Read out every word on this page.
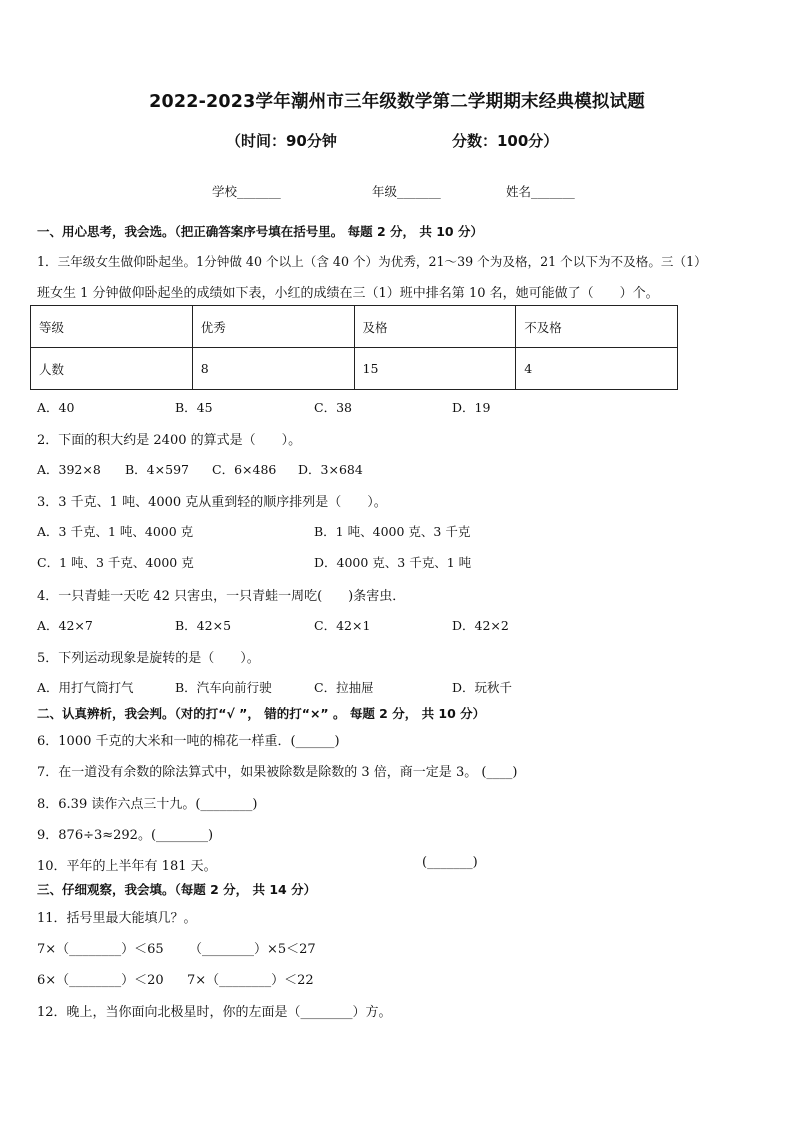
2022-2023学年潮州市三年级数学第二学期期末经典模拟试题
（时间：90分钟	分数：100分）
学校_______	年级_______	姓名_______
一、用心思考，我会选。（把正确答案序号填在括号里。 每题 2 分， 共 10 分）
1．三年级女生做仰卧起坐。1分钟做 40 个以上（含 40 个）为优秀，21～39 个为及格，21 个以下为不及格。三（1）
班女生 1 分钟做仰卧起坐的成绩如下表，小红的成绩在三（1）班中排名第 10 名，她可能做了（　　）个。
等级	优秀	及格	不及格
人数	8	15	4
A．40	B．45	C．38	D．19
2．下面的积大约是 2400 的算式是（　　）。
A．392×8 B．4×597 C．6×486 D．3×684
3．3 千克、1 吨、4000 克从重到轻的顺序排列是（　　）。
A．3 千克、1 吨、4000 克	B．1 吨、4000 克、3 千克
C．1 吨、3 千克、4000 克	D．4000 克、3 千克、1 吨
4．一只青蛙一天吃 42 只害虫，一只青蛙一周吃(　　)条害虫．
A．42×7	B．42×5	C．42×1	D．42×2
5．下列运动现象是旋转的是（　　）。
A．用打气筒打气	B．汽车向前行驶	C．拉抽屉	D．玩秋千
二、认真辨析，我会判。（对的打“√ ”， 错的打“×” 。 每题 2 分， 共 10 分）
6．1000 千克的大米和一吨的棉花一样重．(______)
7．在一道没有余数的除法算式中，如果被除数是除数的 3 倍，商一定是 3。 (____)
8．6.39 读作六点三十九。(________)
9．876÷3≈292。(________)
10．平年的上半年有 181 天。	(_______)
三、仔细观察，我会填。（每题 2 分， 共 14 分）
11．括号里最大能填几？。
7×（________）＜65 （________）×5＜27
6×（________）＜20 7×（________）＜22
12．晚上，当你面向北极星时，你的左面是（________）方。
